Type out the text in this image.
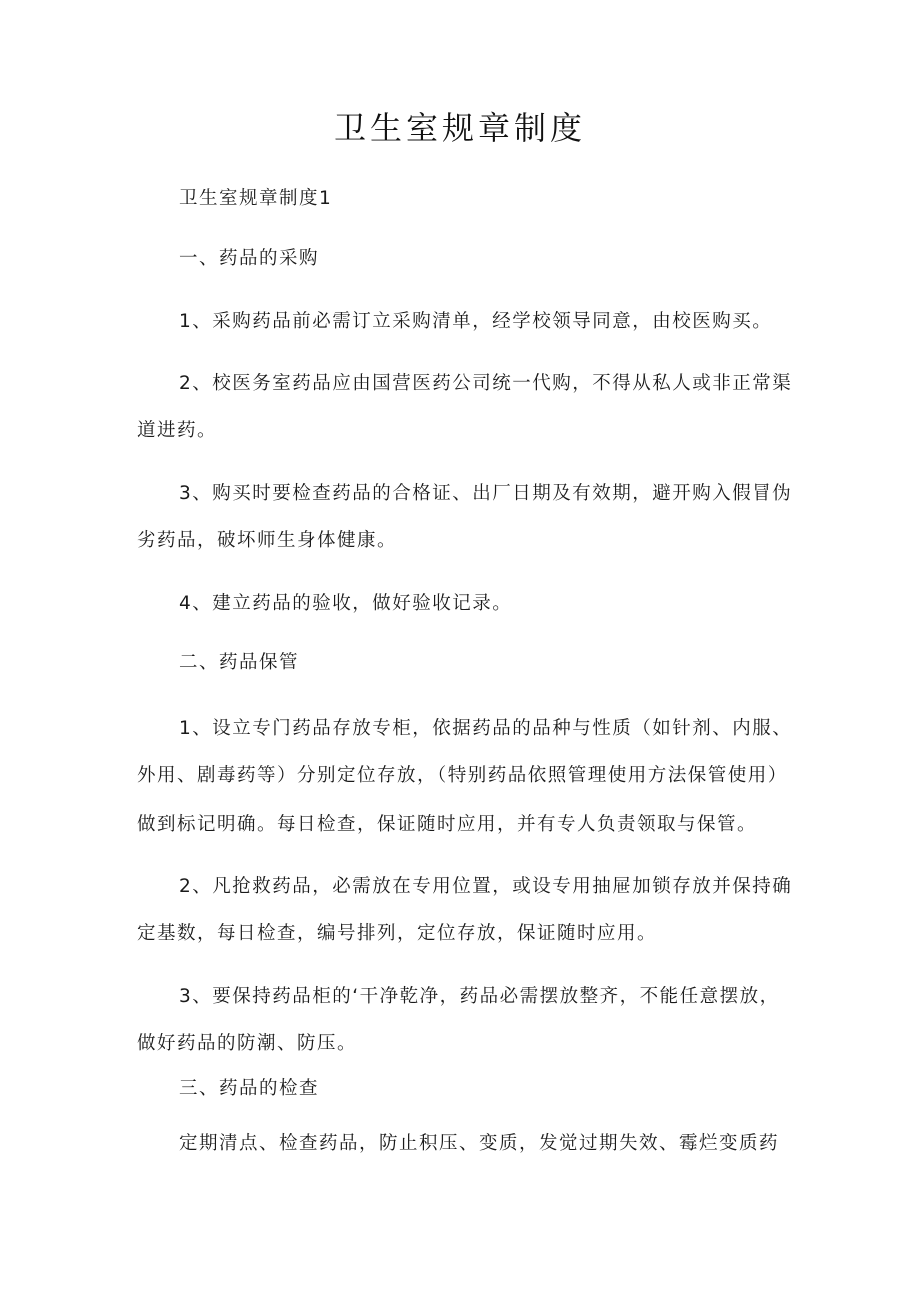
卫生室规章制度

卫生室规章制度1

一、药品的采购

1、采购药品前必需订立采购清单，经学校领导同意，由校医购买。

2、校医务室药品应由国营医药公司统一代购，不得从私人或非正常渠

道进药。

3、购买时要检查药品的合格证、出厂日期及有效期，避开购入假冒伪

劣药品，破坏师生身体健康。

4、建立药品的验收，做好验收记录。

二、药品保管

1、设立专门药品存放专柜，依据药品的品种与性质（如针剂、内服、

外用、剧毒药等）分别定位存放，（特别药品依照管理使用方法保管使用）

做到标记明确。每日检查，保证随时应用，并有专人负责领取与保管。

2、凡抢救药品，必需放在专用位置，或设专用抽屉加锁存放并保持确

定基数，每日检查，编号排列，定位存放，保证随时应用。

3、要保持药品柜的‘干净乾净，药品必需摆放整齐，不能任意摆放，

做好药品的防潮、防压。

三、药品的检查

定期清点、检查药品，防止积压、变质，发觉过期失效、霉烂变质药
